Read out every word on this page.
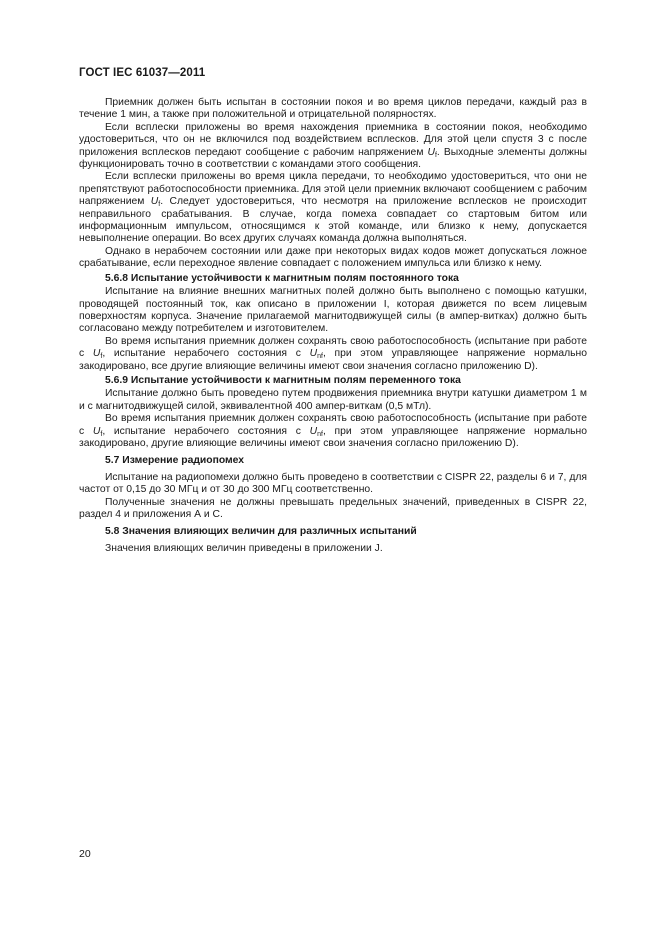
ГОСТ IEC 61037—2011

Приемник должен быть испытан в состоянии покоя и во время циклов передачи, каждый раз в течение 1 мин, а также при положительной и отрицательной полярностях.

Если всплески приложены во время нахождения приемника в состоянии покоя, необходимо удостовериться, что он не включился под воздействием всплесков. Для этой цели спустя 3 с после приложения всплесков передают сообщение с рабочим напряжением $U_f$. Выходные элементы должны функционировать точно в соответствии с командами этого сообщения.

Если всплески приложены во время цикла передачи, то необходимо удостовериться, что они не препятствуют работоспособности приемника. Для этой цели приемник включают сообщением с рабочим напряжением $U_f$. Следует удостовериться, что несмотря на приложение всплесков не происходит неправильного срабатывания. В случае, когда помеха совпадает со стартовым битом или информационным импульсом, относящимся к этой команде, или близко к нему, допускается невыполнение операции. Во всех других случаях команда должна выполняться.

Однако в нерабочем состоянии или даже при некоторых видах кодов может допускаться ложное срабатывание, если переходное явление совпадает с положением импульса или близко к нему.

5.6.8 Испытание устойчивости к магнитным полям постоянного тока

Испытание на влияние внешних магнитных полей должно быть выполнено с помощью катушки, проводящей постоянный ток, как описано в приложении I, которая движется по всем лицевым поверхностям корпуса. Значение прилагаемой магнитодвижущей силы (в ампер-витках) должно быть согласовано между потребителем и изготовителем.

Во время испытания приемник должен сохранять свою работоспособность (испытание при работе с $U_f$, испытание нерабочего состояния с $U_{nf}$, при этом управляющее напряжение нормально закодировано, все другие влияющие величины имеют свои значения согласно приложению D).

5.6.9 Испытание устойчивости к магнитным полям переменного тока

Испытание должно быть проведено путем продвижения приемника внутри катушки диаметром 1 м и с магнитодвижущей силой, эквивалентной 400 ампер-виткам (0,5 мТл).

Во время испытания приемник должен сохранять свою работоспособность (испытание при работе с $U_f$, испытание нерабочего состояния с $U_{nf}$, при этом управляющее напряжение нормально закодировано, другие влияющие величины имеют свои значения согласно приложению D).

5.7 Измерение радиопомех

Испытание на радиопомехи должно быть проведено в соответствии с CISPR 22, разделы 6 и 7, для частот от 0,15 до 30 МГц и от 30 до 300 МГц соответственно.

Полученные значения не должны превышать предельных значений, приведенных в CISPR 22, раздел 4 и приложения А и С.

5.8 Значения влияющих величин для различных испытаний

Значения влияющих величин приведены в приложении J.

20
